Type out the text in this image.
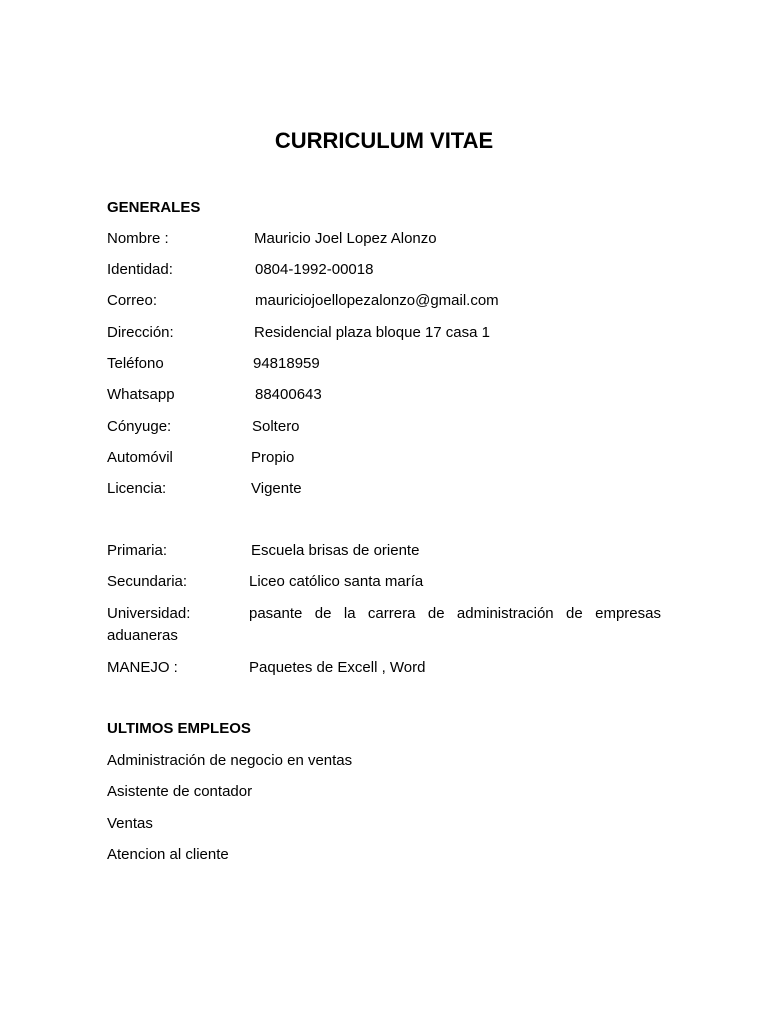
CURRICULUM VITAE
GENERALES
Nombre :	Mauricio Joel Lopez Alonzo
Identidad:	0804-1992-00018
Correo:	mauriciojoellopezalonzo@gmail.com
Dirección:	Residencial plaza bloque 17 casa 1
Teléfono	94818959
Whatsapp	88400643
Cónyuge:	Soltero
Automóvil	Propio
Licencia:	Vigente
Primaria:	Escuela brisas de oriente
Secundaria:	Liceo católico santa maría
Universidad:	pasante de la carrera de administración de empresas
aduaneras
MANEJO :	Paquetes de Excell , Word
ULTIMOS EMPLEOS
Administración de negocio en ventas
Asistente de contador
Ventas
Atencion al cliente
